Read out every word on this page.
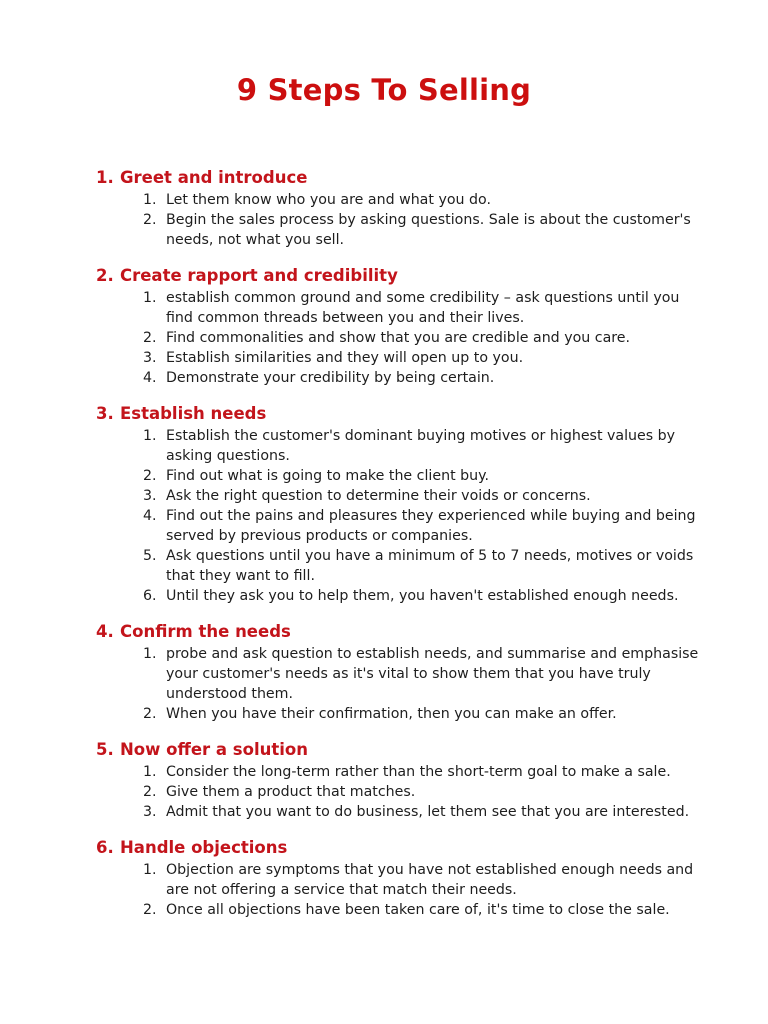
9 Steps To Selling
1. Greet and introduce
1. Let them know who you are and what you do.
2. Begin the sales process by asking questions. Sale is about the customer's needs, not what you sell.
2. Create rapport and credibility
1. establish common ground and some credibility – ask questions until you find common threads between you and their lives.
2. Find commonalities and show that you are credible and you care.
3. Establish similarities and they will open up to you.
4. Demonstrate your credibility by being certain.
3. Establish needs
1. Establish the customer's dominant buying motives or highest values by asking questions.
2. Find out what is going to make the client buy.
3. Ask the right question to determine their voids or concerns.
4. Find out the pains and pleasures they experienced while buying and being served by previous products or companies.
5. Ask questions until you have a minimum of 5 to 7 needs, motives or voids that they want to fill.
6. Until they ask you to help them, you haven't established enough needs.
4. Confirm the needs
1. probe and ask question to establish needs, and summarise and emphasise your customer's needs as it's vital to show them that you have truly understood them.
2. When you have their confirmation, then you can make an offer.
5. Now offer a solution
1. Consider the long-term rather than the short-term goal to make a sale.
2. Give them a product that matches.
3. Admit that you want to do business, let them see that you are interested.
6. Handle objections
1. Objection are symptoms that you have not established enough needs and are not offering a service that match their needs.
2. Once all objections have been taken care of, it's time to close the sale.
